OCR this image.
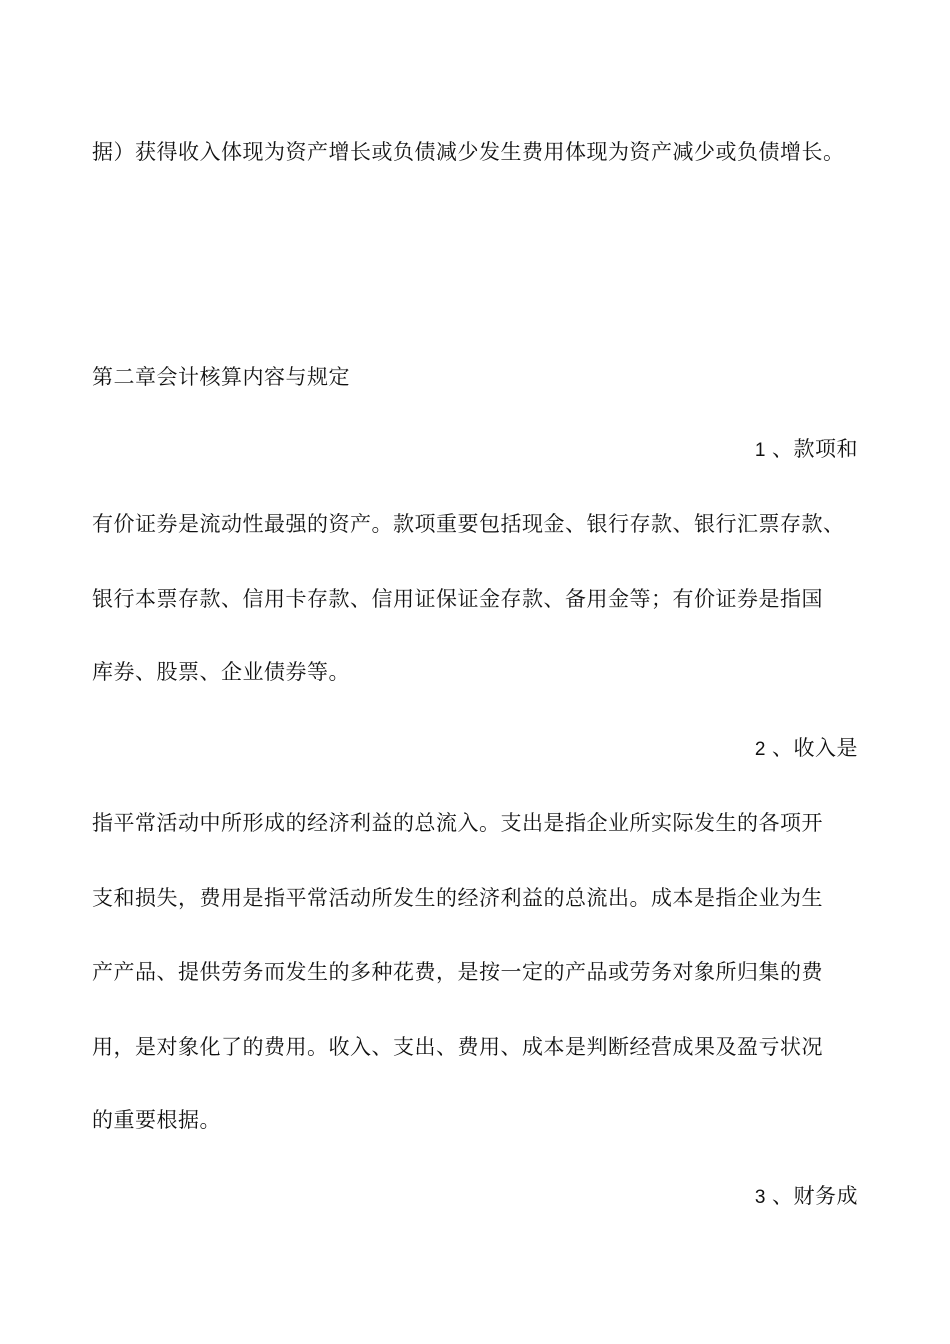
据）获得收入体现为资产增长或负债减少发生费用体现为资产减少或负债增长。
第二章会计核算内容与规定
1 、款项和
有价证券是流动性最强的资产。款项重要包括现金、银行存款、银行汇票存款、
银行本票存款、信用卡存款、信用证保证金存款、备用金等；有价证券是指国
库券、股票、企业债券等。
2 、收入是
指平常活动中所形成的经济利益的总流入。支出是指企业所实际发生的各项开
支和损失，费用是指平常活动所发生的经济利益的总流出。成本是指企业为生
产产品、提供劳务而发生的多种花费，是按一定的产品或劳务对象所归集的费
用，是对象化了的费用。收入、支出、费用、成本是判断经营成果及盈亏状况
的重要根据。
3 、财务成
